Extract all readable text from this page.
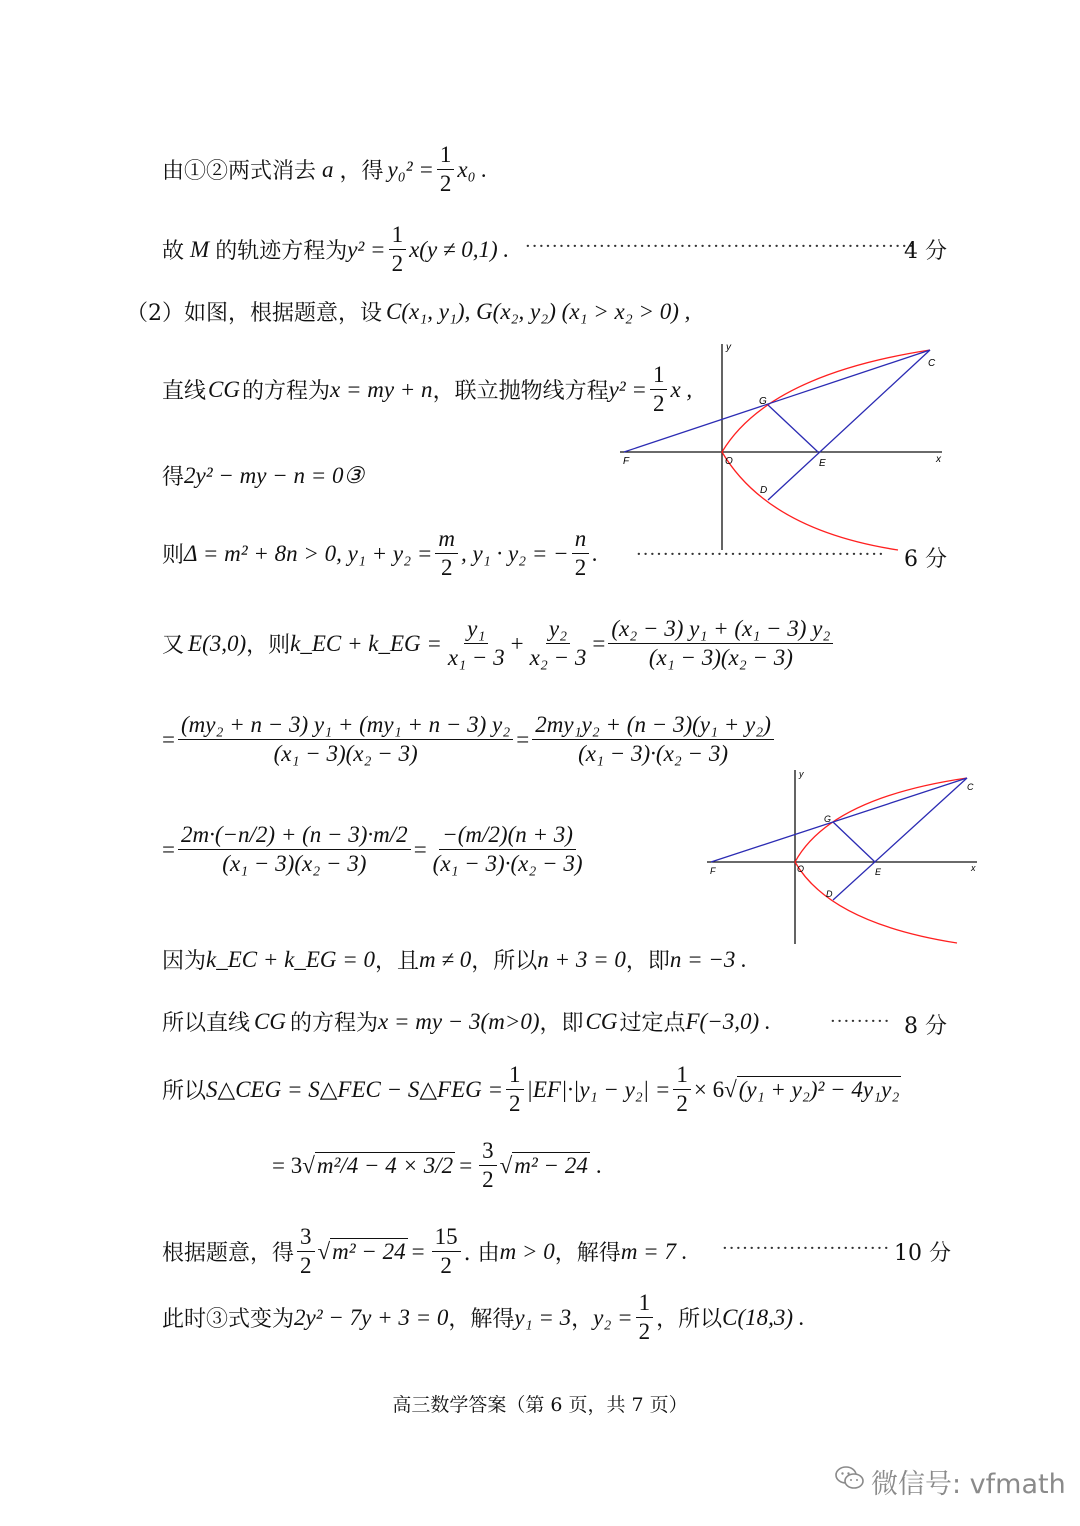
由①②两式消去 a ，得 $y_0^2 = \frac{1}{2} x_0$ .
故 M 的轨迹方程为 $y^2 = \frac{1}{2} x(y \ne 0,1)$ . ··························································
4 分
（2）如图，根据题意，设 C(x₁, y₁), G(x₂, y₂) (x₁ > x₂ > 0) ,
直线 CG 的方程为 x = my + n ，联立抛物线方程 $y^2 = \frac{1}{2}$ x ,
得 2y² − my − n = 0③
则 Δ = m² + 8n > 0, $y_1 + y_2 = \frac{m}{2}$ , y₁ · y₂ = − $\frac{n}{2}$ . ····································· 6 分
y
x
O
C
G
E
D
F
又 E(3,0) ，则 k_EC + k_EG = $\frac{\text{y₁}}{\text{x₁ − 3}} + \frac{\text{y₂}}{\text{x₂ − 3}} = \frac{\text{(x₂ − 3) y₁ + (x₁ − 3) y₂}}{\text{(x₁ − 3)(x₂ − 3)}}$
= $\frac{\text{(my₂ + n − 3) y₁ + (my₁ + n − 3) y₂}}{\text{(x₁ − 3)(x₂ − 3)}} = \frac{\text{2my₁y₂ + (n − 3)(y₁ + y₂)}}{\text{(x₁ − 3)·(x₂ − 3)}}$
= $\frac{2m\cdot(-n/2) + (n - 3)\cdot m/2}{\text{(x₁ − 3)(x₂ − 3)}} = \frac{-(m/2)(n + 3)}{\text{(x₁ − 3)·(x₂ − 3)}}$
y
x
O
C
G
E
D
F
因为 k_EC + k_EG = 0 ，且 m ≠ 0 ，所以 n + 3 = 0 ，即 n = −3 .
所以直线 CG 的方程为 x = my − 3(m>0) ，即 CG 过定点 F(−3,0) .	········· 8 分
所以 S△CEG = S△FEC − S△FEG = $\frac{1}{2} |EF|\cdot|y_1 - y_2| = \frac{1}{2} \times 6$ √ (y₁ + y₂)² − 4y₁y₂
= 3 √ $m^2/4 - 4 \times 3/2 = \frac{3}{2}$ √ m² − 24 .
根据题意，得 $\frac{3}{2}$ √ $m^2 - 24 = \frac{15}{2}$ . 由 m > 0 ，解得 m = 7 . ························· 10 分
此时③式变为 2y² − 7y + 3 = 0 ，解得 y₁ = 3 ， $y_2 = \frac{1}{2}$ ，所以 C(18,3) .
高三数学答案（第 6 页，共 7 页）
微信号: vfmath
